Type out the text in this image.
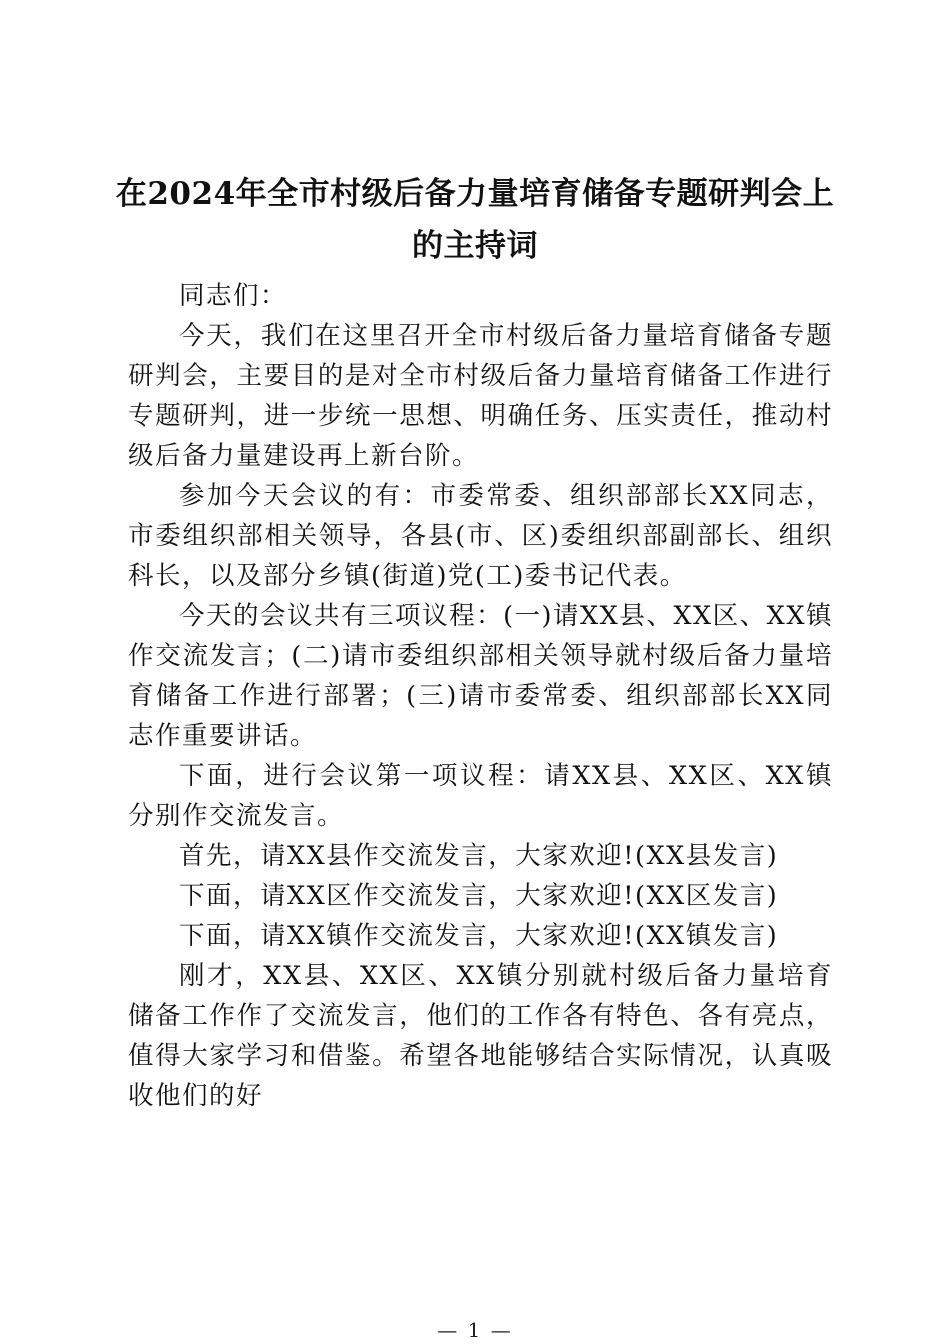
在2024年全市村级后备力量培育储备专题研判会上的主持词

同志们：

今天，我们在这里召开全市村级后备力量培育储备专题研判会，主要目的是对全市村级后备力量培育储备工作进行专题研判，进一步统一思想、明确任务、压实责任，推动村级后备力量建设再上新台阶。

参加今天会议的有：市委常委、组织部部长XX同志，市委组织部相关领导，各县(市、区)委组织部副部长、组织科长，以及部分乡镇(街道)党(工)委书记代表。

今天的会议共有三项议程：(一)请XX县、XX区、XX镇作交流发言；(二)请市委组织部相关领导就村级后备力量培育储备工作进行部署；(三)请市委常委、组织部部长XX同志作重要讲话。

下面，进行会议第一项议程：请XX县、XX区、XX镇分别作交流发言。

首先，请XX县作交流发言，大家欢迎!(XX县发言)

下面，请XX区作交流发言，大家欢迎!(XX区发言)

下面，请XX镇作交流发言，大家欢迎!(XX镇发言)

刚才，XX县、XX区、XX镇分别就村级后备力量培育储备工作作了交流发言，他们的工作各有特色、各有亮点，值得大家学习和借鉴。希望各地能够结合实际情况，认真吸收他们的好

— 1 —
